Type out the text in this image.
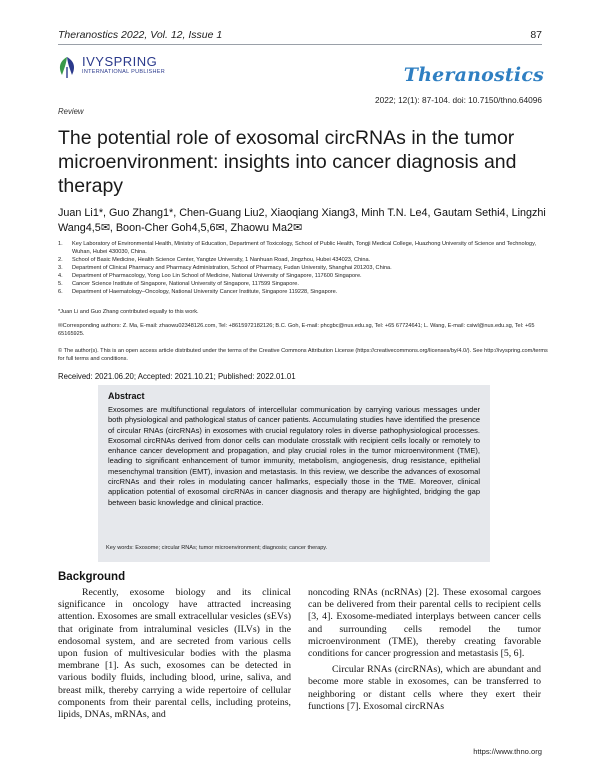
Theranostics 2022, Vol. 12, Issue 1	87
IVYSPRING
INTERNATIONAL PUBLISHER	Theranostics
2022; 12(1): 87-104. doi: 10.7150/thno.64096
Review
The potential role of exosomal circRNAs in the tumor microenvironment: insights into cancer diagnosis and therapy
Juan Li1*, Guo Zhang1*, Chen-Guang Liu2, Xiaoqiang Xiang3, Minh T.N. Le4, Gautam Sethi4, Lingzhi Wang4,5✉, Boon-Cher Goh4,5,6✉, Zhaowu Ma2✉
1.	Key Laboratory of Environmental Health, Ministry of Education, Department of Toxicology, School of Public Health, Tongji Medical College, Huazhong University of Science and Technology, Wuhan, Hubei 430030, China.
2.	School of Basic Medicine, Health Science Center, Yangtze University, 1 Nanhuan Road, Jingzhou, Hubei 434023, China.
3.	Department of Clinical Pharmacy and Pharmacy Administration, School of Pharmacy, Fudan University, Shanghai 201203, China.
4.	Department of Pharmacology, Yong Loo Lin School of Medicine, National University of Singapore, 117600 Singapore.
5.	Cancer Science Institute of Singapore, National University of Singapore, 117599 Singapore.
6.	Department of Haematology–Oncology, National University Cancer Institute, Singapore 119228, Singapore.
*Juan Li and Guo Zhang contributed equally to this work.
✉Corresponding authors: Z. Ma, E-mail: zhaowu02348126.com, Tel: +8615972182126; B.C. Goh, E-mail: phcgbc@nus.edu.sg, Tel: +65 67724641; L. Wang, E-mail: csiwl@nus.edu.sg, Tel: +65 65165925.
© The author(s). This is an open access article distributed under the terms of the Creative Commons Attribution License (https://creativecommons.org/licenses/by/4.0/). See http://ivyspring.com/terms for full terms and conditions.
Received: 2021.06.20; Accepted: 2021.10.21; Published: 2022.01.01
Abstract

Exosomes are multifunctional regulators of intercellular communication by carrying various messages under both physiological and pathological status of cancer patients. Accumulating studies have identified the presence of circular RNAs (circRNAs) in exosomes with crucial regulatory roles in diverse pathophysiological processes. Exosomal circRNAs derived from donor cells can modulate crosstalk with recipient cells locally or remotely to enhance cancer development and propagation, and play crucial roles in the tumor microenvironment (TME), leading to significant enhancement of tumor immunity, metabolism, angiogenesis, drug resistance, epithelial mesenchymal transition (EMT), invasion and metastasis. In this review, we describe the advances of exosomal circRNAs and their roles in modulating cancer hallmarks, especially those in the TME. Moreover, clinical application potential of exosomal circRNAs in cancer diagnosis and therapy are highlighted, bridging the gap between basic knowledge and clinical practice.

Key words: Exosome; circular RNAs; tumor microenvironment; diagnosis; cancer therapy.
Background

Recently, exosome biology and its clinical significance in oncology have attracted increasing attention. Exosomes are small extracellular vesicles (sEVs) that originate from intraluminal vesicles (ILVs) in the endosomal system, and are secreted from various cells upon fusion of multivesicular bodies with the plasma membrane [1]. As such, exosomes can be detected in various bodily fluids, including blood, urine, saliva, and breast milk, thereby carrying a wide repertoire of cellular components from their parental cells, including proteins, lipids, DNAs, mRNAs, and

noncoding RNAs (ncRNAs) [2]. These exosomal cargoes can be delivered from their parental cells to recipient cells [3, 4]. Exosome-mediated interplays between cancer cells and surrounding cells remodel the tumor microenvironment (TME), thereby creating favorable conditions for cancer progression and metastasis [5, 6].

Circular RNAs (circRNAs), which are abundant and become more stable in exosomes, can be transferred to neighboring or distant cells where they exert their functions [7]. Exosomal circRNAs

https://www.thno.org
